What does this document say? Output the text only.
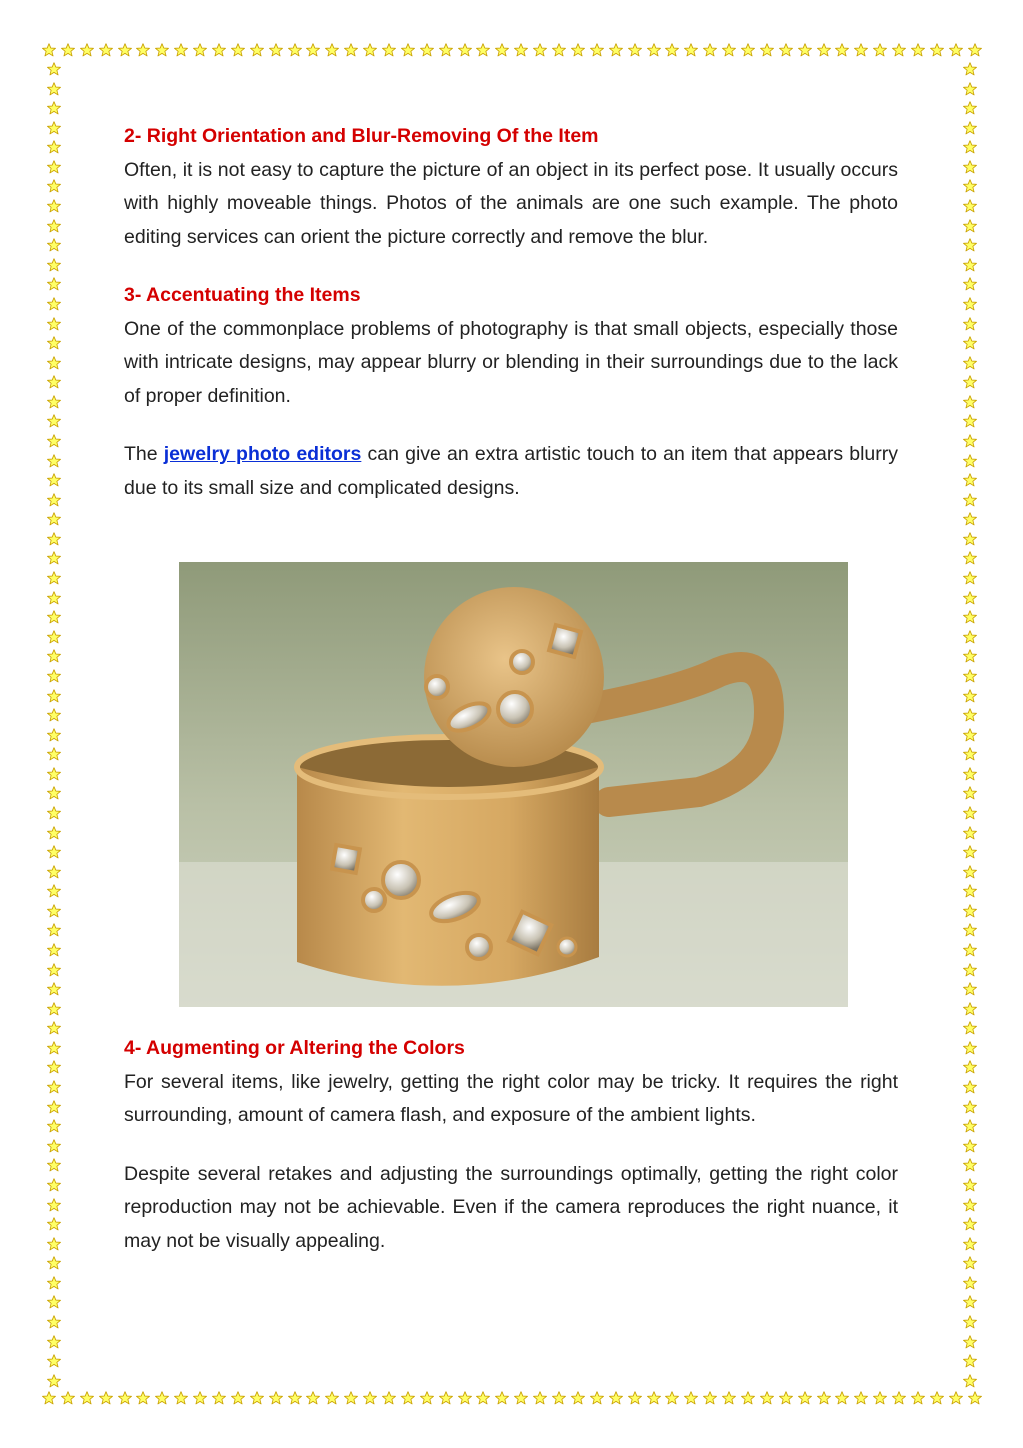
2- Right Orientation and Blur-Removing Of the Item

Often, it is not easy to capture the picture of an object in its perfect pose. It usually occurs with highly moveable things. Photos of the animals are one such example. The photo editing services can orient the picture correctly and remove the blur.

3- Accentuating the Items

One of the commonplace problems of photography is that small objects, especially those with intricate designs, may appear blurry or blending in their surroundings due to the lack of proper definition.

The jewelry photo editors can give an extra artistic touch to an item that appears blurry due to its small size and complicated designs.

4- Augmenting or Altering the Colors

For several items, like jewelry, getting the right color may be tricky. It requires the right surrounding, amount of camera flash, and exposure of the ambient lights.

Despite several retakes and adjusting the surroundings optimally, getting the right color reproduction may not be achievable. Even if the camera reproduces the right nuance, it may not be visually appealing.
